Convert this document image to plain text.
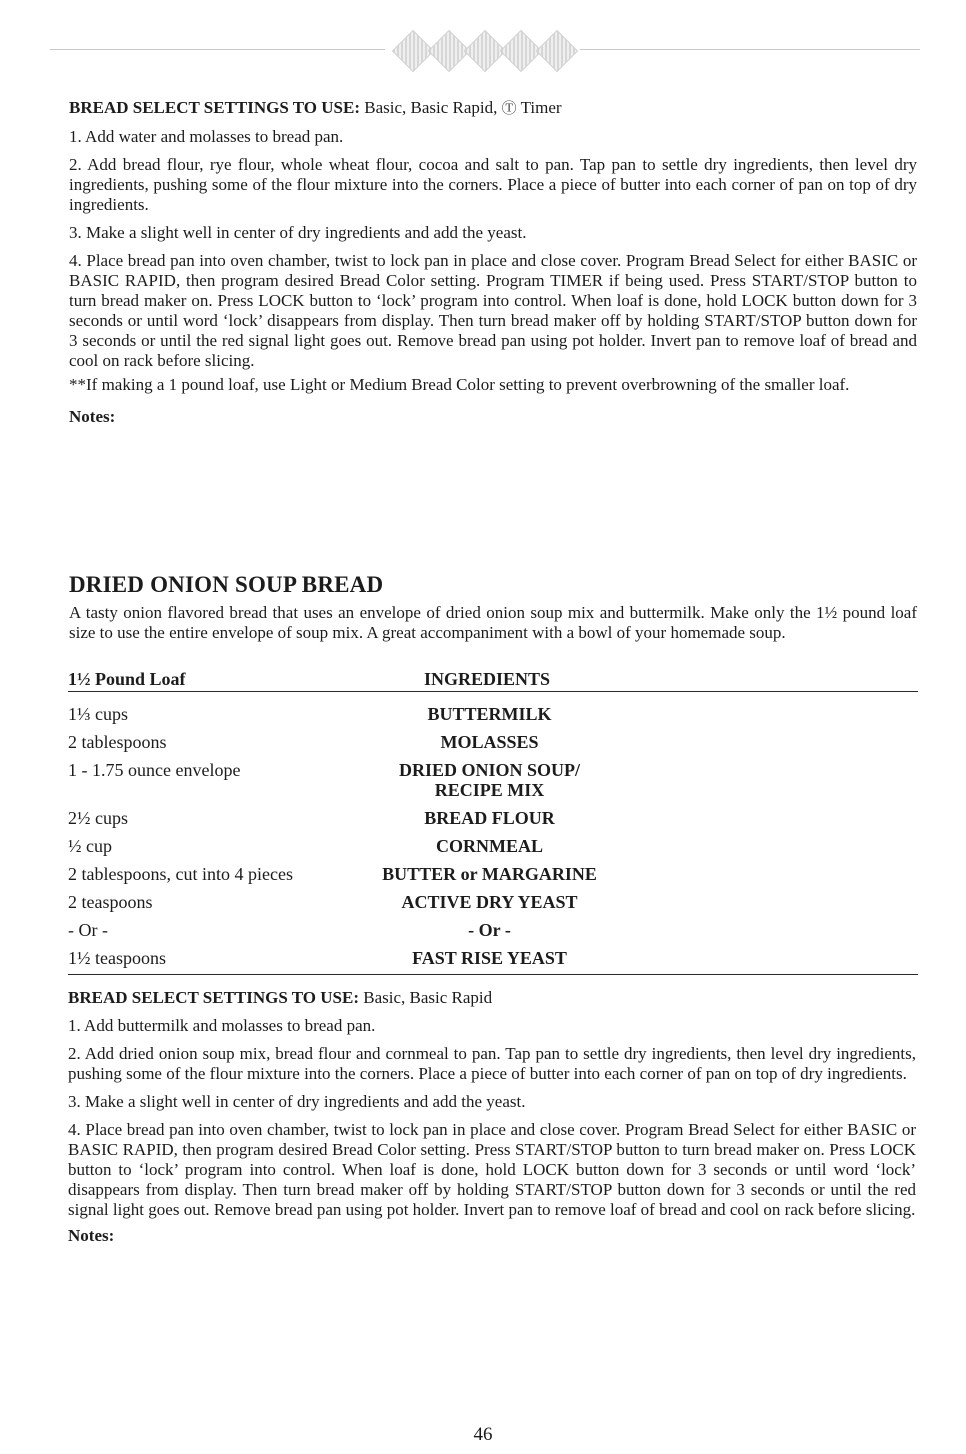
BREAD SELECT SETTINGS TO USE: Basic, Basic Rapid, Ⓣ Timer

1. Add water and molasses to bread pan.

2. Add bread flour, rye flour, whole wheat flour, cocoa and salt to pan. Tap pan to settle dry ingredients, then level dry ingredients, pushing some of the flour mixture into the corners. Place a piece of butter into each corner of pan on top of dry ingredients.

3. Make a slight well in center of dry ingredients and add the yeast.

4. Place bread pan into oven chamber, twist to lock pan in place and close cover. Program Bread Select for either BASIC or BASIC RAPID, then program desired Bread Color setting. Program TIMER if being used. Press START/STOP button to turn bread maker on. Press LOCK button to ‘lock’ program into control. When loaf is done, hold LOCK button down for 3 seconds or until word ‘lock’ disappears from display. Then turn bread maker off by holding START/STOP button down for 3 seconds or until the red signal light goes out. Remove bread pan using pot holder. Invert pan to remove loaf of bread and cool on rack before slicing.

**If making a 1 pound loaf, use Light or Medium Bread Color setting to prevent overbrowning of the smaller loaf.

Notes:
DRIED ONION SOUP BREAD

A tasty onion flavored bread that uses an envelope of dried onion soup mix and buttermilk. Make only the 1½ pound loaf size to use the entire envelope of soup mix. A great accompaniment with a bowl of your homemade soup.

1½ Pound Loaf	INGREDIENTS
1⅓ cups	BUTTERMILK
2 tablespoons	MOLASSES
1 - 1.75 ounce envelope	DRIED ONION SOUP/
RECIPE MIX
2½ cups	BREAD FLOUR
½ cup	CORNMEAL
2 tablespoons, cut into 4 pieces	BUTTER or MARGARINE
2 teaspoons	ACTIVE DRY YEAST
- Or -	- Or -
1½ teaspoons	FAST RISE YEAST

BREAD SELECT SETTINGS TO USE: Basic, Basic Rapid

1. Add buttermilk and molasses to bread pan.

2. Add dried onion soup mix, bread flour and cornmeal to pan. Tap pan to settle dry ingredients, then level dry ingredients, pushing some of the flour mixture into the corners. Place a piece of butter into each corner of pan on top of dry ingredients.

3. Make a slight well in center of dry ingredients and add the yeast.

4. Place bread pan into oven chamber, twist to lock pan in place and close cover. Program Bread Select for either BASIC or BASIC RAPID, then program desired Bread Color setting. Press START/STOP button to turn bread maker on. Press LOCK button to ‘lock’ program into control. When loaf is done, hold LOCK button down for 3 seconds or until word ‘lock’ disappears from display. Then turn bread maker off by holding START/STOP button down for 3 seconds or until the red signal light goes out. Remove bread pan using pot holder. Invert pan to remove loaf of bread and cool on rack before slicing.

Notes:
46
